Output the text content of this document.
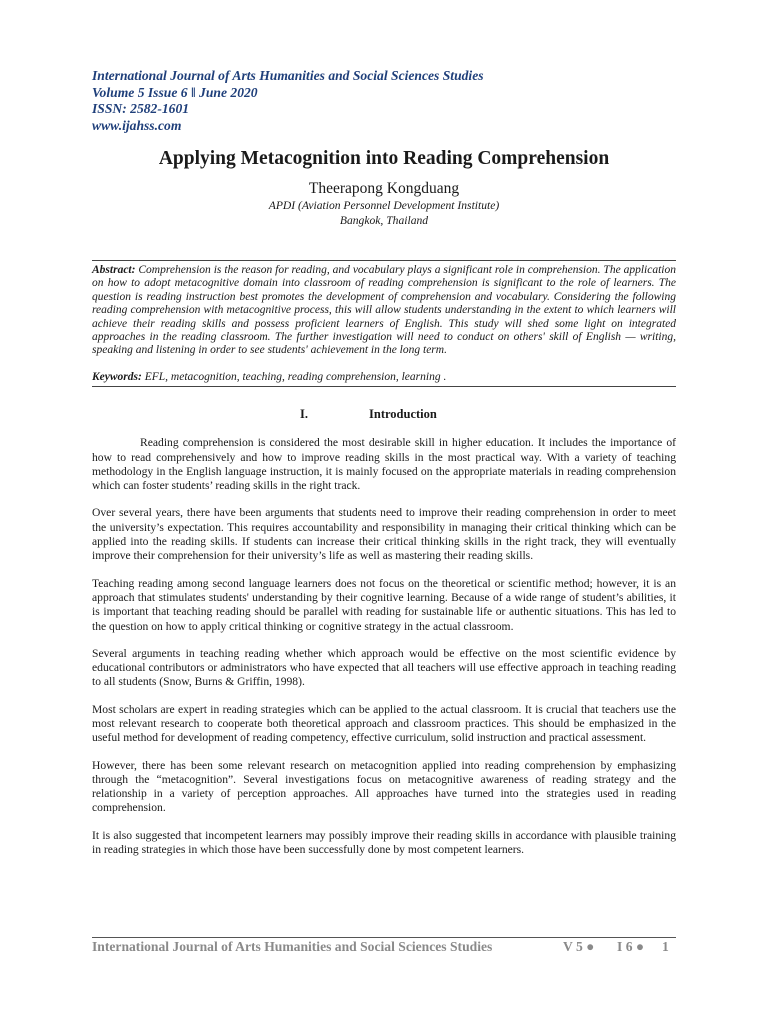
International Journal of Arts Humanities and Social Sciences Studies
Volume 5 Issue 6 ǁ June 2020
ISSN: 2582-1601
www.ijahss.com
Applying Metacognition into Reading Comprehension
Theerapong Kongduang
APDI (Aviation Personnel Development Institute)
Bangkok, Thailand
Abstract: Comprehension is the reason for reading, and vocabulary plays a significant role in comprehension. The application on how to adopt metacognitive domain into classroom of reading comprehension is significant to the role of learners. The question is reading instruction best promotes the development of comprehension and vocabulary. Considering the following reading comprehension with metacognitive process, this will allow students understanding in the extent to which learners will achieve their reading skills and possess proficient learners of English. This study will shed some light on integrated approaches in the reading classroom. The further investigation will need to conduct on others' skill of English — writing, speaking and listening in order to see students' achievement in the long term.
Keywords: EFL, metacognition, teaching, reading comprehension, learning .
I.	Introduction
Reading comprehension is considered the most desirable skill in higher education. It includes the importance of how to read comprehensively and how to improve reading skills in the most practical way. With a variety of teaching methodology in the English language instruction, it is mainly focused on the appropriate materials in reading comprehension which can foster students’ reading skills in the right track.
Over several years, there have been arguments that students need to improve their reading comprehension in order to meet the university’s expectation. This requires accountability and responsibility in managing their critical thinking which can be applied into the reading skills. If students can increase their critical thinking skills in the right track, they will eventually improve their comprehension for their university’s life as well as mastering their reading skills.
Teaching reading among second language learners does not focus on the theoretical or scientific method; however, it is an approach that stimulates students' understanding by their cognitive learning. Because of a wide range of student’s abilities, it is important that teaching reading should be parallel with reading for sustainable life or authentic situations. This has led to the question on how to apply critical thinking or cognitive strategy in the actual classroom.
Several arguments in teaching reading whether which approach would be effective on the most scientific evidence by educational contributors or administrators who have expected that all teachers will use effective approach in teaching reading to all students (Snow, Burns & Griffin, 1998).
Most scholars are expert in reading strategies which can be applied to the actual classroom. It is crucial that teachers use the most relevant research to cooperate both theoretical approach and classroom practices. This should be emphasized in the useful method for development of reading competency, effective curriculum, solid instruction and practical assessment.
However, there has been some relevant research on metacognition applied into reading comprehension by emphasizing through the “metacognition”. Several investigations focus on metacognitive awareness of reading strategy and the relationship in a variety of perception approaches. All approaches have turned into the strategies used in reading comprehension.
It is also suggested that incompetent learners may possibly improve their reading skills in accordance with plausible training in reading strategies in which those have been successfully done by most competent learners.
International Journal of Arts Humanities and Social Sciences Studies	V 5 ● I 6 ● 1
